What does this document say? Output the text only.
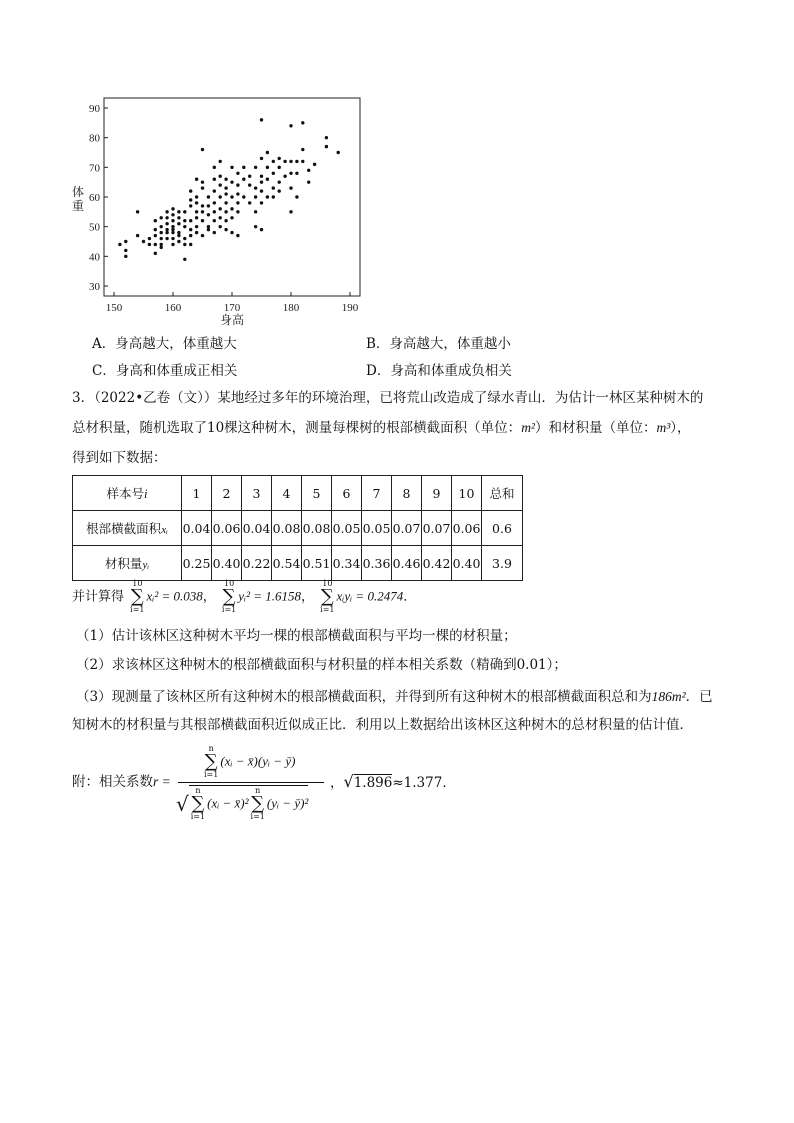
90
80
70
60
50
40
30
150	160	170	180	190
身高
体
重
A．身高越大，体重越大	B．身高越大，体重越小
C．身高和体重成正相关	D．身高和体重成负相关
3．（2022•乙卷（文））某地经过多年的环境治理，已将荒山改造成了绿水青山．为估计一林区某种树木的
总材积量，随机选取了10棵这种树木，测量每棵树的根部横截面积（单位：m²）和材积量（单位：m³），
得到如下数据：
样本号i	1	2	3	4	5	6	7	8	9	10	总和
根部横截面积xᵢ	0.04	0.06	0.04	0.08	0.08	0.05	0.05	0.07	0.07	0.06	0.6
材积量yᵢ	0.25	0.40	0.22	0.54	0.51	0.34	0.36	0.46	0.42	0.40	3.9
并计算得
10
∑
i=1
xᵢ² = 0.038，
10
∑
i=1
yᵢ² = 1.6158，
10
∑
i=1
xᵢyᵢ = 0.2474．
（1）估计该林区这种树木平均一棵的根部横截面积与平均一棵的材积量；
（2）求该林区这种树木的根部横截面积与材积量的样本相关系数（精确到0.01）；
（3）现测量了该林区所有这种树木的根部横截面积，并得到所有这种树木的根部横截面积总和为186m²．已
知树木的材积量与其根部横截面积近似成正比．利用以上数据给出该林区这种树木的总材积量的估计值．
附：相关系数r =
n
∑
i=1
(xᵢ − x̄)(yᵢ − ȳ)
√
n
∑
i=1
(xᵢ − x̄)²
n
∑
i=1
(yᵢ − ȳ)²
，√1.896≈1.377．
